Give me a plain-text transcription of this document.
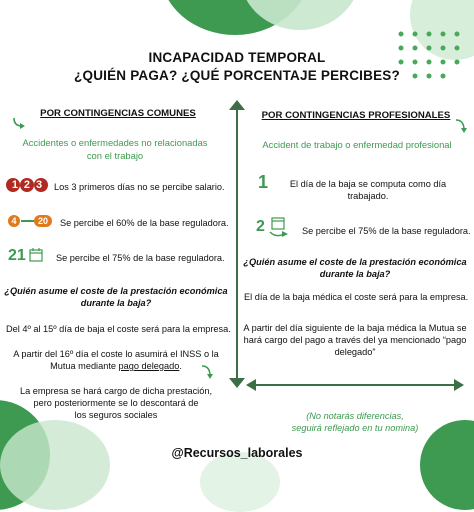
INCAPACIDAD TEMPORAL
¿QUIÉN PAGA? ¿QUÉ PORCENTAJE PERCIBES?
POR CONTINGENCIAS COMUNES
Accidentes o enfermedades no relacionadas
con el trabajo
123 Los 3 primeros días no se percibe salario.
4	20	Se percibe el 60% de la base reguladora.
21	Se percibe el 75% de la base reguladora.
¿Quién asume el coste de la prestación económica
durante la baja?
Del 4º al 15º día de baja el coste será para la empresa.
A partir del 16º día el coste lo asumirá el INSS o la
Mutua mediante pago delegado.
La empresa se hará cargo de dicha prestación,
pero posteriormente se lo descontará de
los seguros sociales
POR CONTINGENCIAS PROFESIONALES
Accident de trabajo o enfermedad profesional
1	El día de la baja se computa como día
trabajado.
2	Se percibe el 75% de la base reguladora.
¿Quién asume el coste de la prestación económica
durante la baja?
El día de la baja médica el coste será para la empresa.
A partir del día siguiente de la baja médica la Mutua se
hará cargo del pago a través del ya mencionado “pago
delegado”
(No notarás diferencias,
seguirá reflejado en tu nomina)
@Recursos_laborales
